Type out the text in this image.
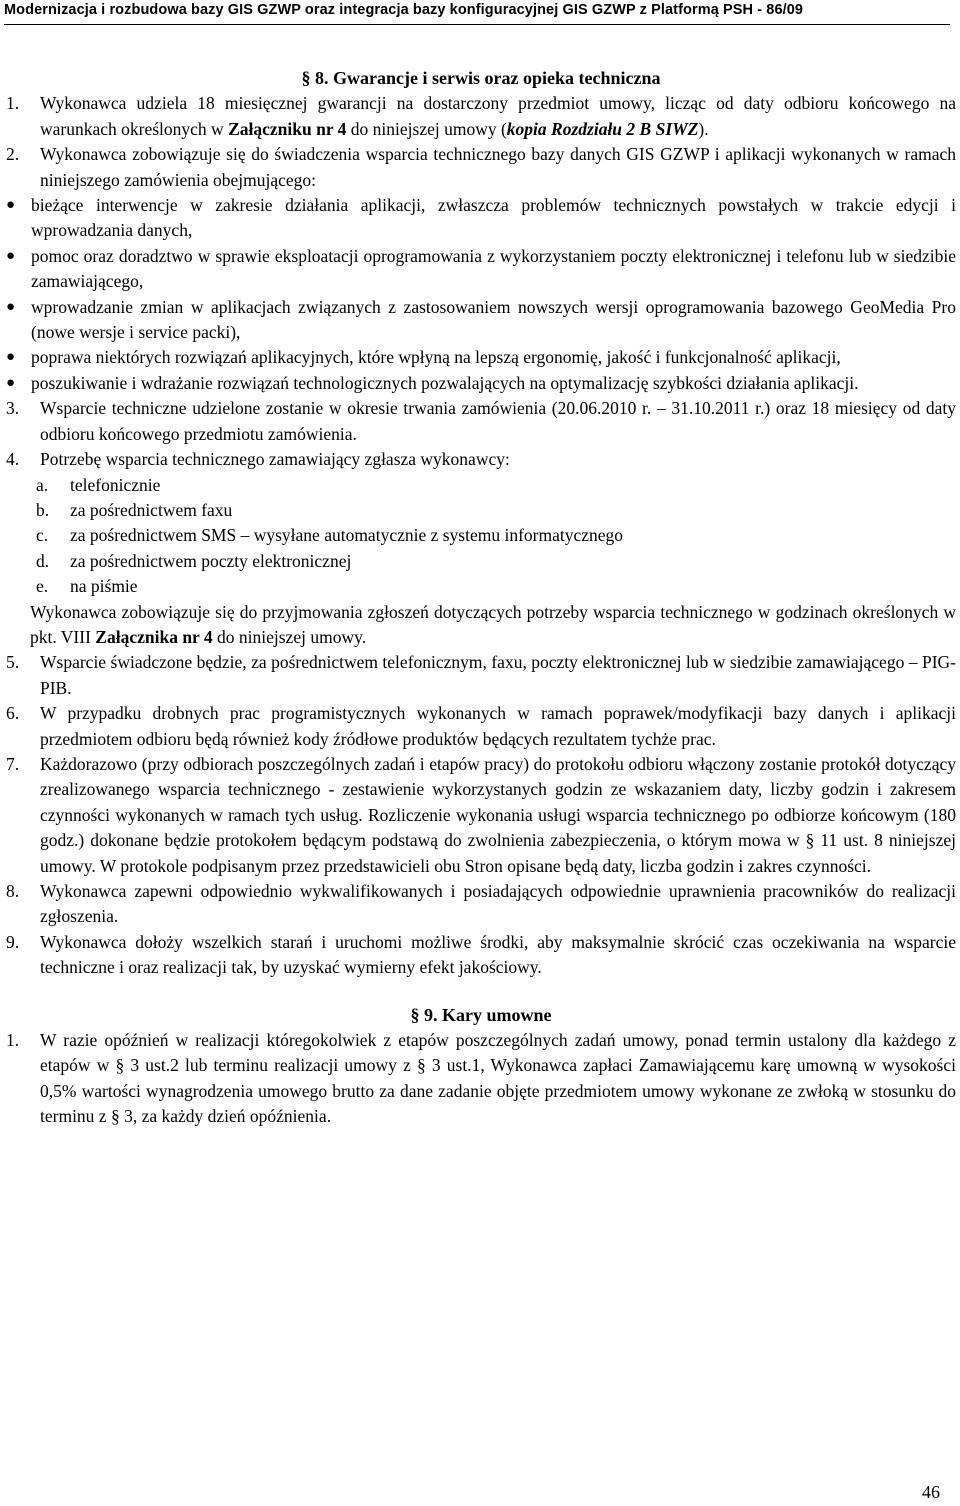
Modernizacja i rozbudowa bazy GIS GZWP oraz integracja bazy konfiguracyjnej GIS GZWP z Platformą PSH - 86/09
§ 8. Gwarancje i serwis oraz opieka techniczna
1.	Wykonawca udziela 18 miesięcznej gwarancji na dostarczony przedmiot umowy, licząc od daty odbioru końcowego na warunkach określonych w Załączniku nr 4 do niniejszej umowy (kopia Rozdziału 2 B SIWZ).
2.	Wykonawca zobowiązuje się do świadczenia wsparcia technicznego bazy danych GIS GZWP i aplikacji wykonanych w ramach niniejszego zamówienia obejmującego:
● bieżące interwencje w zakresie działania aplikacji, zwłaszcza problemów technicznych powstałych w trakcie edycji i wprowadzania danych,
● pomoc oraz doradztwo w sprawie eksploatacji oprogramowania z wykorzystaniem poczty elektronicznej i telefonu lub w siedzibie zamawiającego,
● wprowadzanie zmian w aplikacjach związanych z zastosowaniem nowszych wersji oprogramowania bazowego GeoMedia Pro (nowe wersje i service packi),
● poprawa niektórych rozwiązań aplikacyjnych, które wpłyną na lepszą ergonomię, jakość i funkcjonalność aplikacji,
● poszukiwanie i wdrażanie rozwiązań technologicznych pozwalających na optymalizację szybkości działania aplikacji.
3.	Wsparcie techniczne udzielone zostanie w okresie trwania zamówienia (20.06.2010 r. – 31.10.2011 r.) oraz 18 miesięcy od daty odbioru końcowego przedmiotu zamówienia.
4.	Potrzebę wsparcia technicznego zamawiający zgłasza wykonawcy:
a.	telefonicznie
b.	za pośrednictwem faxu
c.	za pośrednictwem SMS – wysyłane automatycznie z systemu informatycznego
d.	za pośrednictwem poczty elektronicznej
e.	na piśmie
Wykonawca zobowiązuje się do przyjmowania zgłoszeń dotyczących potrzeby wsparcia technicznego w godzinach określonych w pkt. VIII Załącznika nr 4 do niniejszej umowy.
5.	Wsparcie świadczone będzie, za pośrednictwem telefonicznym, faxu, poczty elektronicznej lub w siedzibie zamawiającego – PIG-PIB.
6.	W przypadku drobnych prac programistycznych wykonanych w ramach poprawek/modyfikacji bazy danych i aplikacji przedmiotem odbioru będą również kody źródłowe produktów będących rezultatem tychże prac.
7.	Każdorazowo (przy odbiorach poszczególnych zadań i etapów pracy) do protokołu odbioru włączony zostanie protokół dotyczący zrealizowanego wsparcia technicznego - zestawienie wykorzystanych godzin ze wskazaniem daty, liczby godzin i zakresem czynności wykonanych w ramach tych usług. Rozliczenie wykonania usługi wsparcia technicznego po odbiorze końcowym (180 godz.) dokonane będzie protokołem będącym podstawą do zwolnienia zabezpieczenia, o którym mowa w § 11 ust. 8 niniejszej umowy. W protokole podpisanym przez przedstawicieli obu Stron opisane będą daty, liczba godzin i zakres czynności.
8.	Wykonawca zapewni odpowiednio wykwalifikowanych i posiadających odpowiednie uprawnienia pracowników do realizacji zgłoszenia.
9.	Wykonawca dołoży wszelkich starań i uruchomi możliwe środki, aby maksymalnie skrócić czas oczekiwania na wsparcie techniczne i oraz realizacji tak, by uzyskać wymierny efekt jakościowy.
§ 9. Kary umowne
1.	W razie opóźnień w realizacji któregokolwiek z etapów poszczególnych zadań umowy, ponad termin ustalony dla każdego z etapów w § 3 ust.2 lub terminu realizacji umowy z § 3 ust.1, Wykonawca zapłaci Zamawiającemu karę umowną w wysokości 0,5% wartości wynagrodzenia umowego brutto za dane zadanie objęte przedmiotem umowy wykonane ze zwłoką w stosunku do terminu z § 3, za każdy dzień opóźnienia.
46
